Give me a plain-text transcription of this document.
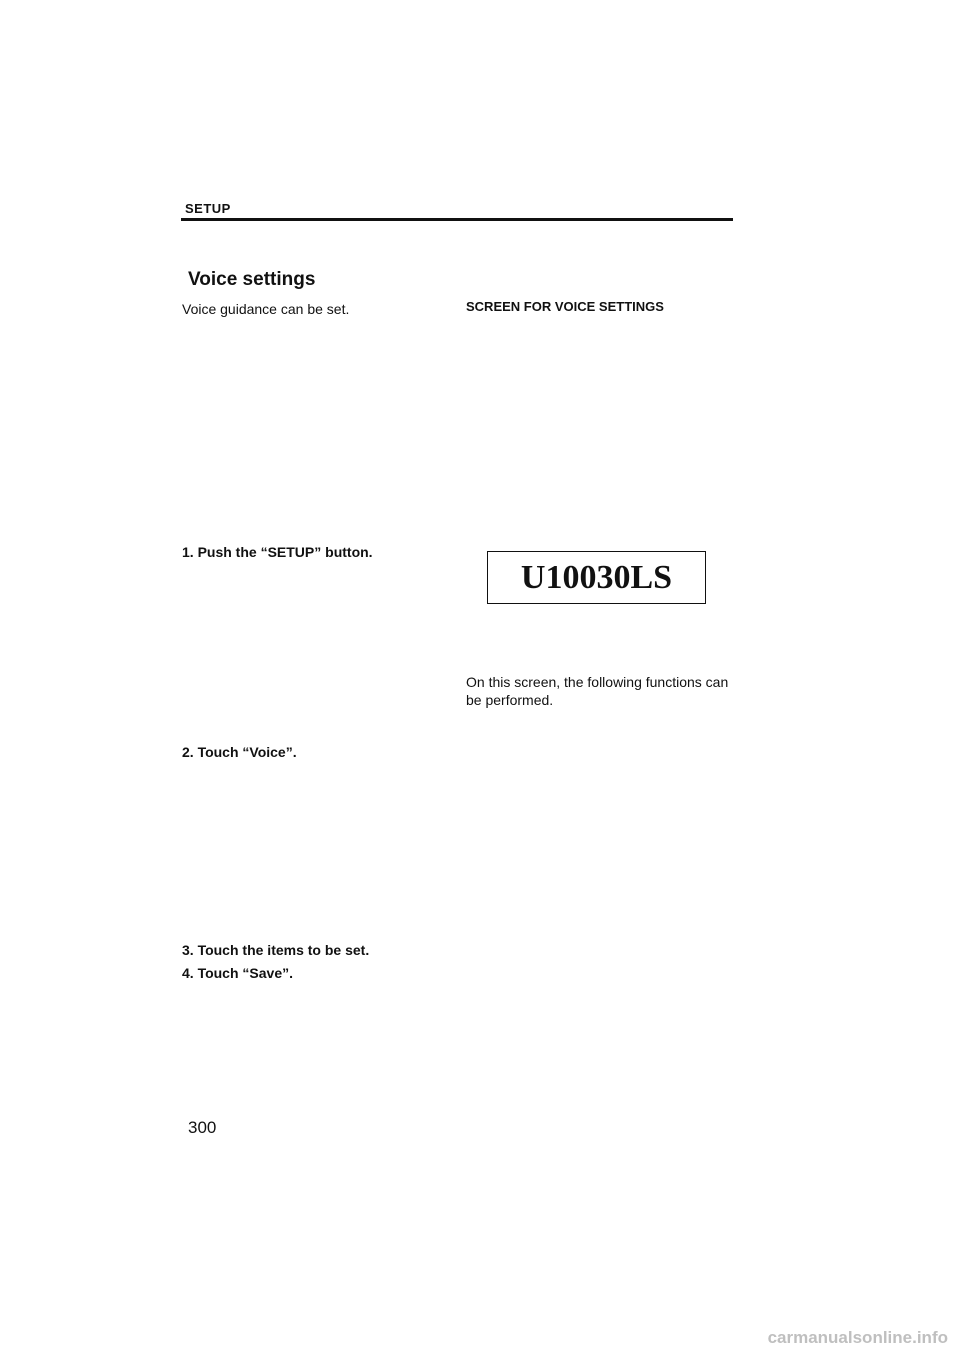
SETUP
Voice settings
Voice guidance can be set.
1. Push the “SETUP” button.
2. Touch “Voice”.
3. Touch the items to be set.
4. Touch “Save”.
SCREEN FOR VOICE SETTINGS
U10030LS
On this screen, the following functions can be performed.
300
carmanualsonline.info
